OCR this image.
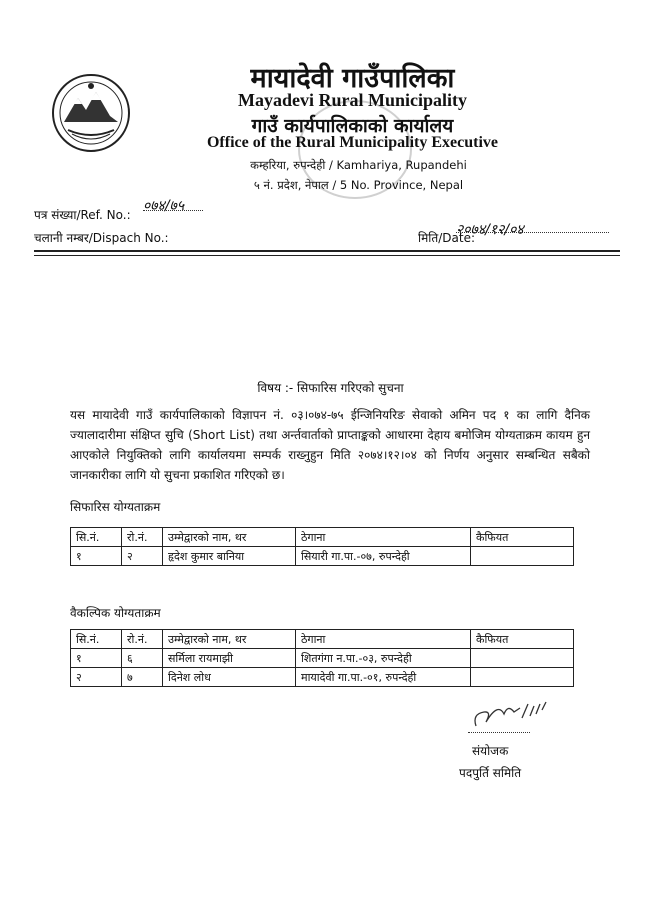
मायादेवी गाउँपालिका
Mayadevi Rural Municipality
गाउँ कार्यपालिकाको कार्यालय
Office of the Rural Municipality Executive
कम्हरिया, रुपन्देही / Kamhariya, Rupandehi
५ नं. प्रदेश, नेपाल / 5 No. Province, Nepal
पत्र संख्या/Ref. No.:
०७४/७५
चलानी नम्बर/Dispach No.:	मिति/Date:
२०७४/१२/०४
विषय :- सिफारिस गरिएको सुचना
यस मायादेवी गाउँ कार्यपालिकाको विज्ञापन नं. ०३।०७४-७५ ईन्जिनियरिङ सेवाको अमिन पद १ का लागि दैनिक ज्यालादारीमा संक्षिप्त सुचि (Short List) तथा अर्न्तवार्ताको प्राप्ताङ्कको आधारमा देहाय बमोजिम योग्यताक्रम कायम हुन आएकोले नियुक्तिको लागि कार्यालयमा सम्पर्क राख्नुहुन मिति २०७४।१२।०४ को निर्णय अनुसार सम्बन्धित सबैको जानकारीका लागि यो सुचना प्रकाशित गरिएको छ।
सिफारिस योग्यताक्रम
सि.नं.	रो.नं.	उम्मेद्वारको नाम, थर	ठेगाना	कैफियत
१	२	हृदेश कुमार बानिया	सियारी गा.पा.-०७, रुपन्देही	
वैकल्पिक योग्यताक्रम
सि.नं.	रो.नं.	उम्मेद्वारको नाम, थर	ठेगाना	कैफियत
१	६	सर्मिला रायमाझी	शितगंगा न.पा.-०३, रुपन्देही	
२	७	दिनेश लोध	मायादेवी गा.पा.-०१, रुपन्देही	
संयोजक
पदपुर्ति समिति
